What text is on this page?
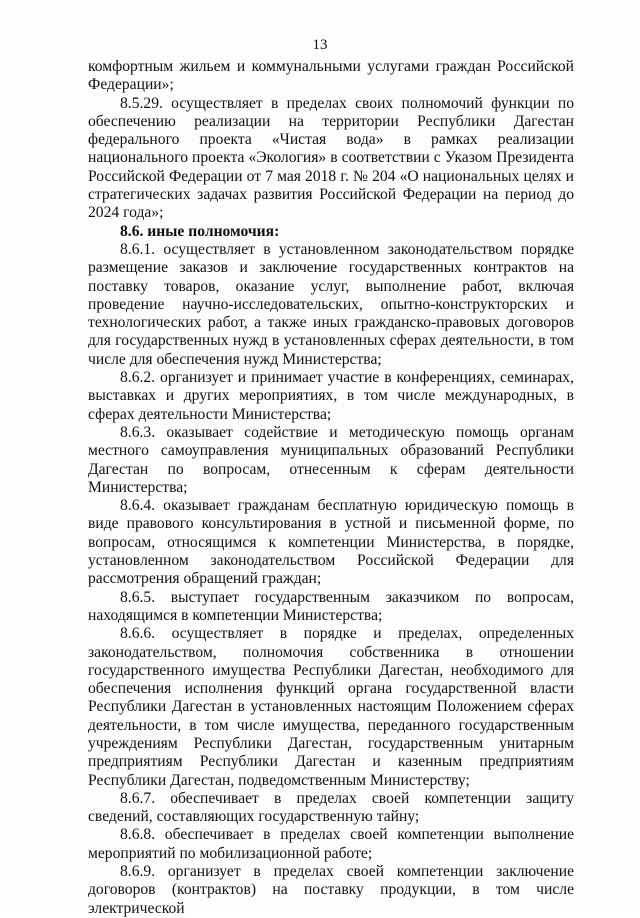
13

комфортным жильем и коммунальными услугами граждан Российской Федерации»;

8.5.29. осуществляет в пределах своих полномочий функции по обеспечению реализации на территории Республики Дагестан федерального проекта «Чистая вода» в рамках реализации национального проекта «Экология» в соответствии с Указом Президента Российской Федерации от 7 мая 2018 г. № 204 «О национальных целях и стратегических задачах развития Российской Федерации на период до 2024 года»;

8.6. иные полномочия:

8.6.1. осуществляет в установленном законодательством порядке размещение заказов и заключение государственных контрактов на поставку товаров, оказание услуг, выполнение работ, включая проведение научно-исследовательских, опытно-конструкторских и технологических работ, а также иных гражданско-правовых договоров для государственных нужд в установленных сферах деятельности, в том числе для обеспечения нужд Министерства;

8.6.2. организует и принимает участие в конференциях, семинарах, выставках и других мероприятиях, в том числе международных, в сферах деятельности Министерства;

8.6.3. оказывает содействие и методическую помощь органам местного самоуправления муниципальных образований Республики Дагестан по вопросам, отнесенным к сферам деятельности Министерства;

8.6.4. оказывает гражданам бесплатную юридическую помощь в виде правового консультирования в устной и письменной форме, по вопросам, относящимся к компетенции Министерства, в порядке, установленном законодательством Российской Федерации для рассмотрения обращений граждан;

8.6.5. выступает государственным заказчиком по вопросам, находящимся в компетенции Министерства;

8.6.6. осуществляет в порядке и пределах, определенных законодательством, полномочия собственника в отношении государственного имущества Республики Дагестан, необходимого для обеспечения исполнения функций органа государственной власти Республики Дагестан в установленных настоящим Положением сферах деятельности, в том числе имущества, переданного государственным учреждениям Республики Дагестан, государственным унитарным предприятиям Республики Дагестан и казенным предприятиям Республики Дагестан, подведомственным Министерству;

8.6.7. обеспечивает в пределах своей компетенции защиту сведений, составляющих государственную тайну;

8.6.8. обеспечивает в пределах своей компетенции выполнение мероприятий по мобилизационной работе;

8.6.9. организует в пределах своей компетенции заключение договоров (контрактов) на поставку продукции, в том числе электрической
